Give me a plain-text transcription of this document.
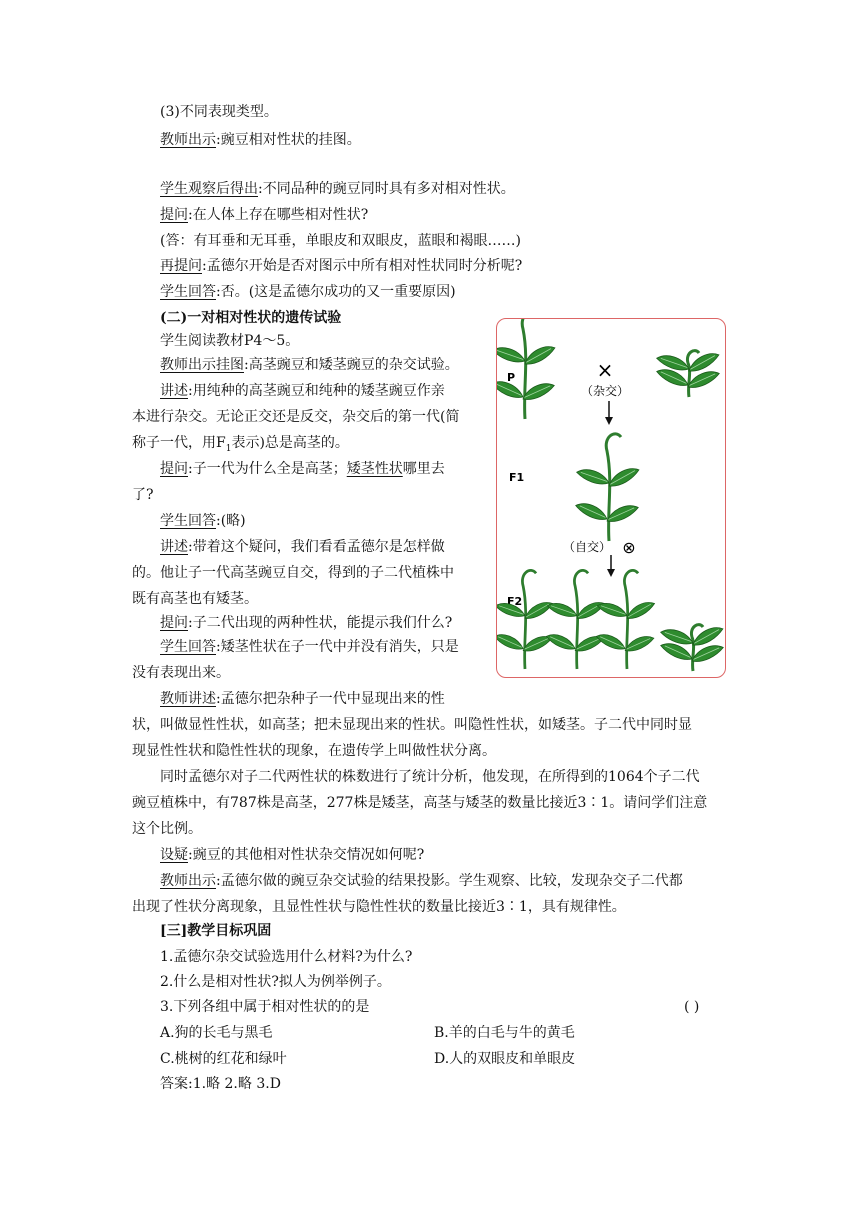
(3)不同表现类型。
教师出示:豌豆相对性状的挂图。
学生观察后得出:不同品种的豌豆同时具有多对相对性状。
提问:在人体上存在哪些相对性状?
(答：有耳垂和无耳垂，单眼皮和双眼皮，蓝眼和褐眼……)
再提问:孟德尔开始是否对图示中所有相对性状同时分析呢?
学生回答:否。(这是孟德尔成功的又一重要原因)
(二)一对相对性状的遗传试验
学生阅读教材P4～5。
教师出示挂图:高茎豌豆和矮茎豌豆的杂交试验。
讲述:用纯种的高茎豌豆和纯种的矮茎豌豆作亲
本进行杂交。无论正交还是反交，杂交后的第一代(简
称子一代，用$F_1$表示)总是高茎的。
提问:子一代为什么全是高茎；矮茎性状哪里去
了?
学生回答:(略)
讲述:带着这个疑问，我们看看孟德尔是怎样做
的。他让子一代高茎豌豆自交，得到的子二代植株中
既有高茎也有矮茎。
提问:子二代出现的两种性状，能提示我们什么?
学生回答:矮茎性状在子一代中并没有消失，只是
没有表现出来。
教师讲述:孟德尔把杂种子一代中显现出来的性
状，叫做显性性状，如高茎；把未显现出来的性状。叫隐性性状，如矮茎。子二代中同时显
现显性性状和隐性性状的现象，在遗传学上叫做性状分离。
同时孟德尔对子二代两性状的株数进行了统计分析，他发现，在所得到的1064个子二代
豌豆植株中，有787株是高茎，277株是矮茎，高茎与矮茎的数量比接近3∶1。请问学们注意
这个比例。
设疑:豌豆的其他相对性状杂交情况如何呢?
教师出示:孟德尔做的豌豆杂交试验的结果投影。学生观察、比较，发现杂交子二代都
出现了性状分离现象，且显性性状与隐性性状的数量比接近3∶1，具有规律性。
[三]教学目标巩固
1.孟德尔杂交试验选用什么材料?为什么?
2.什么是相对性状?拟人为例举例子。
3.下列各组中属于相对性状的的是	( )
A.狗的长毛与黑毛	B.羊的白毛与牛的黄毛
C.桃树的红花和绿叶	D.人的双眼皮和单眼皮
答案:1.略 2.略 3.D
P	×
（杂交）
F1
（自交） ⊗
F2
